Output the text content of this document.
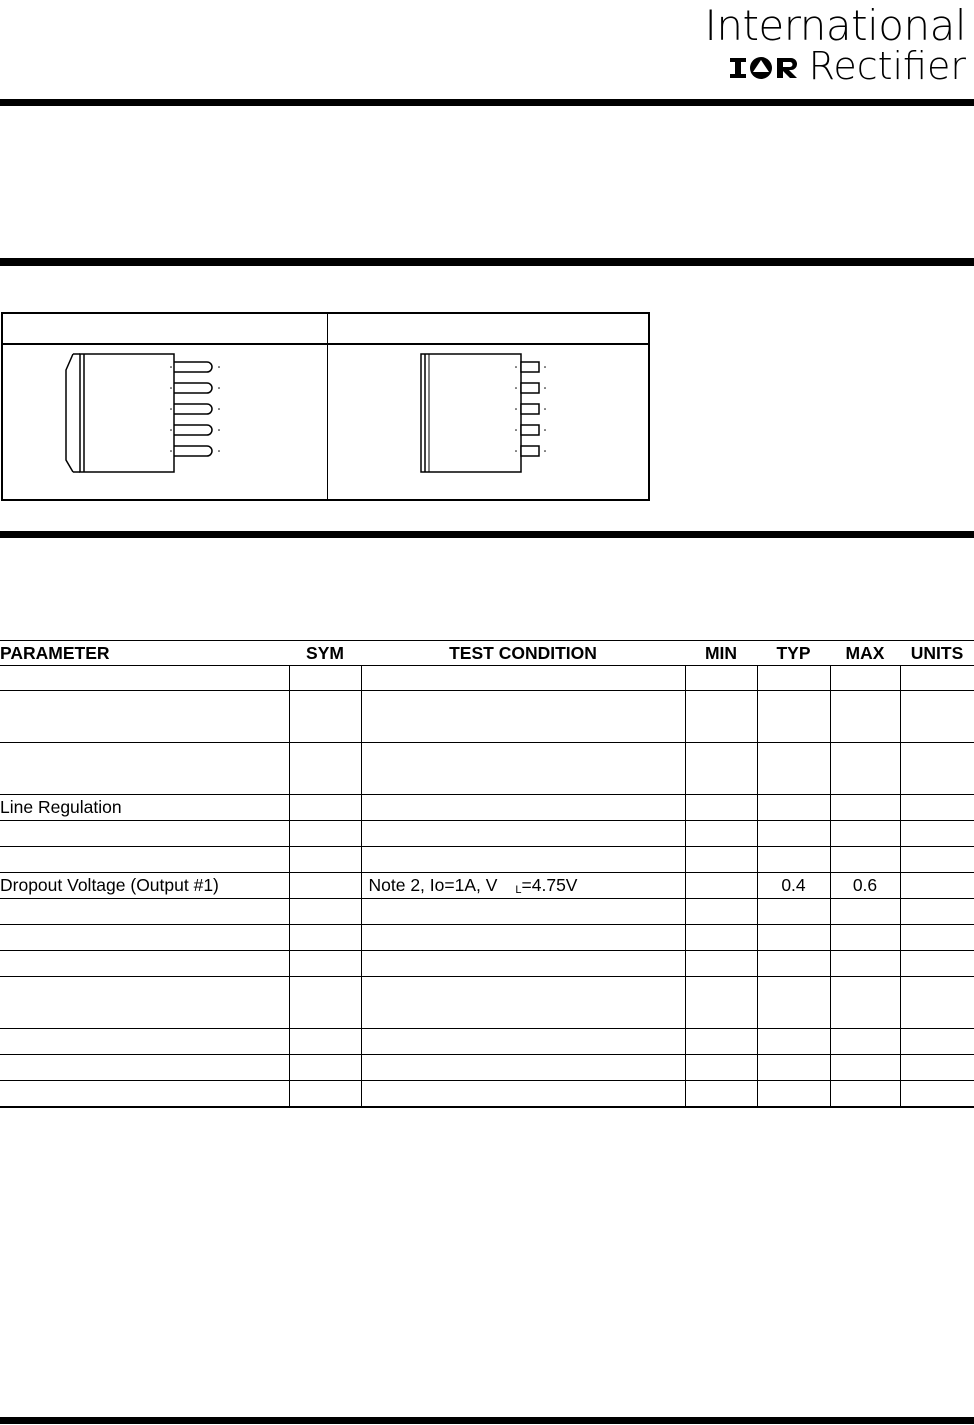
International
Rectifier
PARAMETER	SYM	TEST CONDITION	MIN	TYP	MAX	UNITS

Line Regulation						

Dropout Voltage (Output #1)		Note 2, Io=1A, V L=4.75V		0.4	0.6	
